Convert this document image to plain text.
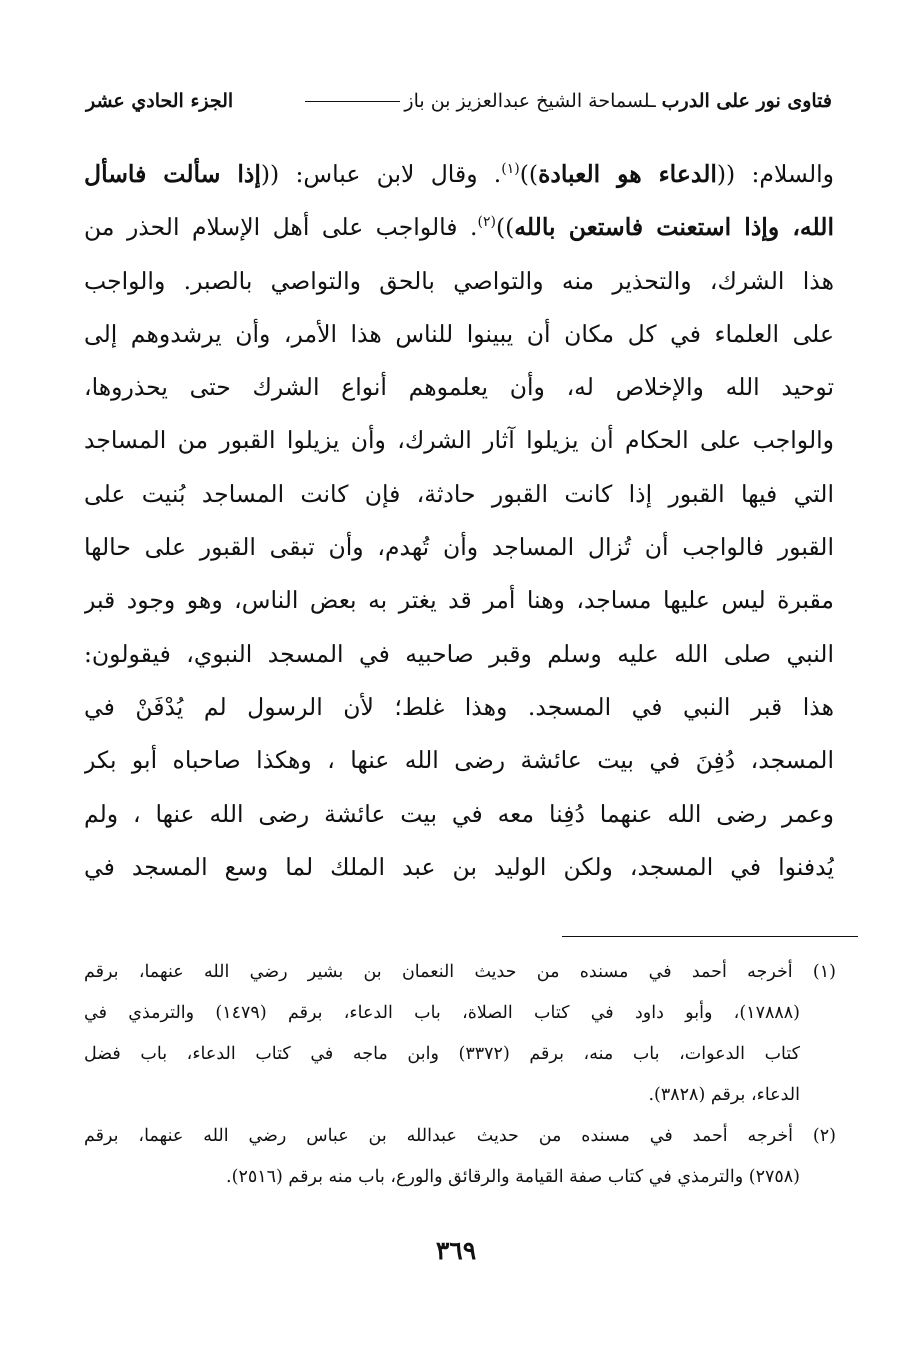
فتاوى نور على الدرب
ـلسماحة الشيخ عبدالعزيز بن باز
الجزء الحادي عشر
والسلام: ((الدعاء هو العبادة))$^{(١)}$. وقال لابن عباس: ((إذا سألت فاسأل
الله، وإذا استعنت فاستعن بالله))$^{(٢)}$. فالواجب على أهل الإسلام الحذر من
هذا الشرك، والتحذير منه والتواصي بالحق والتواصي بالصبر. والواجب
على العلماء في كل مكان أن يبينوا للناس هذا الأمر، وأن يرشدوهم إلى
توحيد الله والإخلاص له، وأن يعلموهم أنواع الشرك حتى يحذروها،
والواجب على الحكام أن يزيلوا آثار الشرك، وأن يزيلوا القبور من المساجد
التي فيها القبور إذا كانت القبور حادثة، فإن كانت المساجد بُنيت على
القبور فالواجب أن تُزال المساجد وأن تُهدم، وأن تبقى القبور على حالها
مقبرة ليس عليها مساجد، وهنا أمر قد يغتر به بعض الناس، وهو وجود قبر
النبي صلى الله عليه وسلم وقبر صاحبيه في المسجد النبوي، فيقولون:
هذا قبر النبي في المسجد. وهذا غلط؛ لأن الرسول لم يُدْفَنْ في
المسجد، دُفِنَ في بيت عائشة رضى الله عنها ، وهكذا صاحباه أبو بكر
وعمر رضى الله عنهما دُفِنا معه في بيت عائشة رضى الله عنها ، ولم
يُدفنوا في المسجد، ولكن الوليد بن عبد الملك لما وسع المسجد في
(١) أخرجه أحمد في مسنده من حديث النعمان بن بشير رضي الله عنهما، برقم
(١٧٨٨٨)، وأبو داود في كتاب الصلاة، باب الدعاء، برقم (١٤٧٩) والترمذي في
كتاب الدعوات، باب منه، برقم (٣٣٧٢) وابن ماجه في كتاب الدعاء، باب فضل
الدعاء، برقم (٣٨٢٨).
(٢) أخرجه أحمد في مسنده من حديث عبدالله بن عباس رضي الله عنهما، برقم
(٢٧٥٨) والترمذي في كتاب صفة القيامة والرقائق والورع، باب منه برقم (٢٥١٦).
٣٦٩
